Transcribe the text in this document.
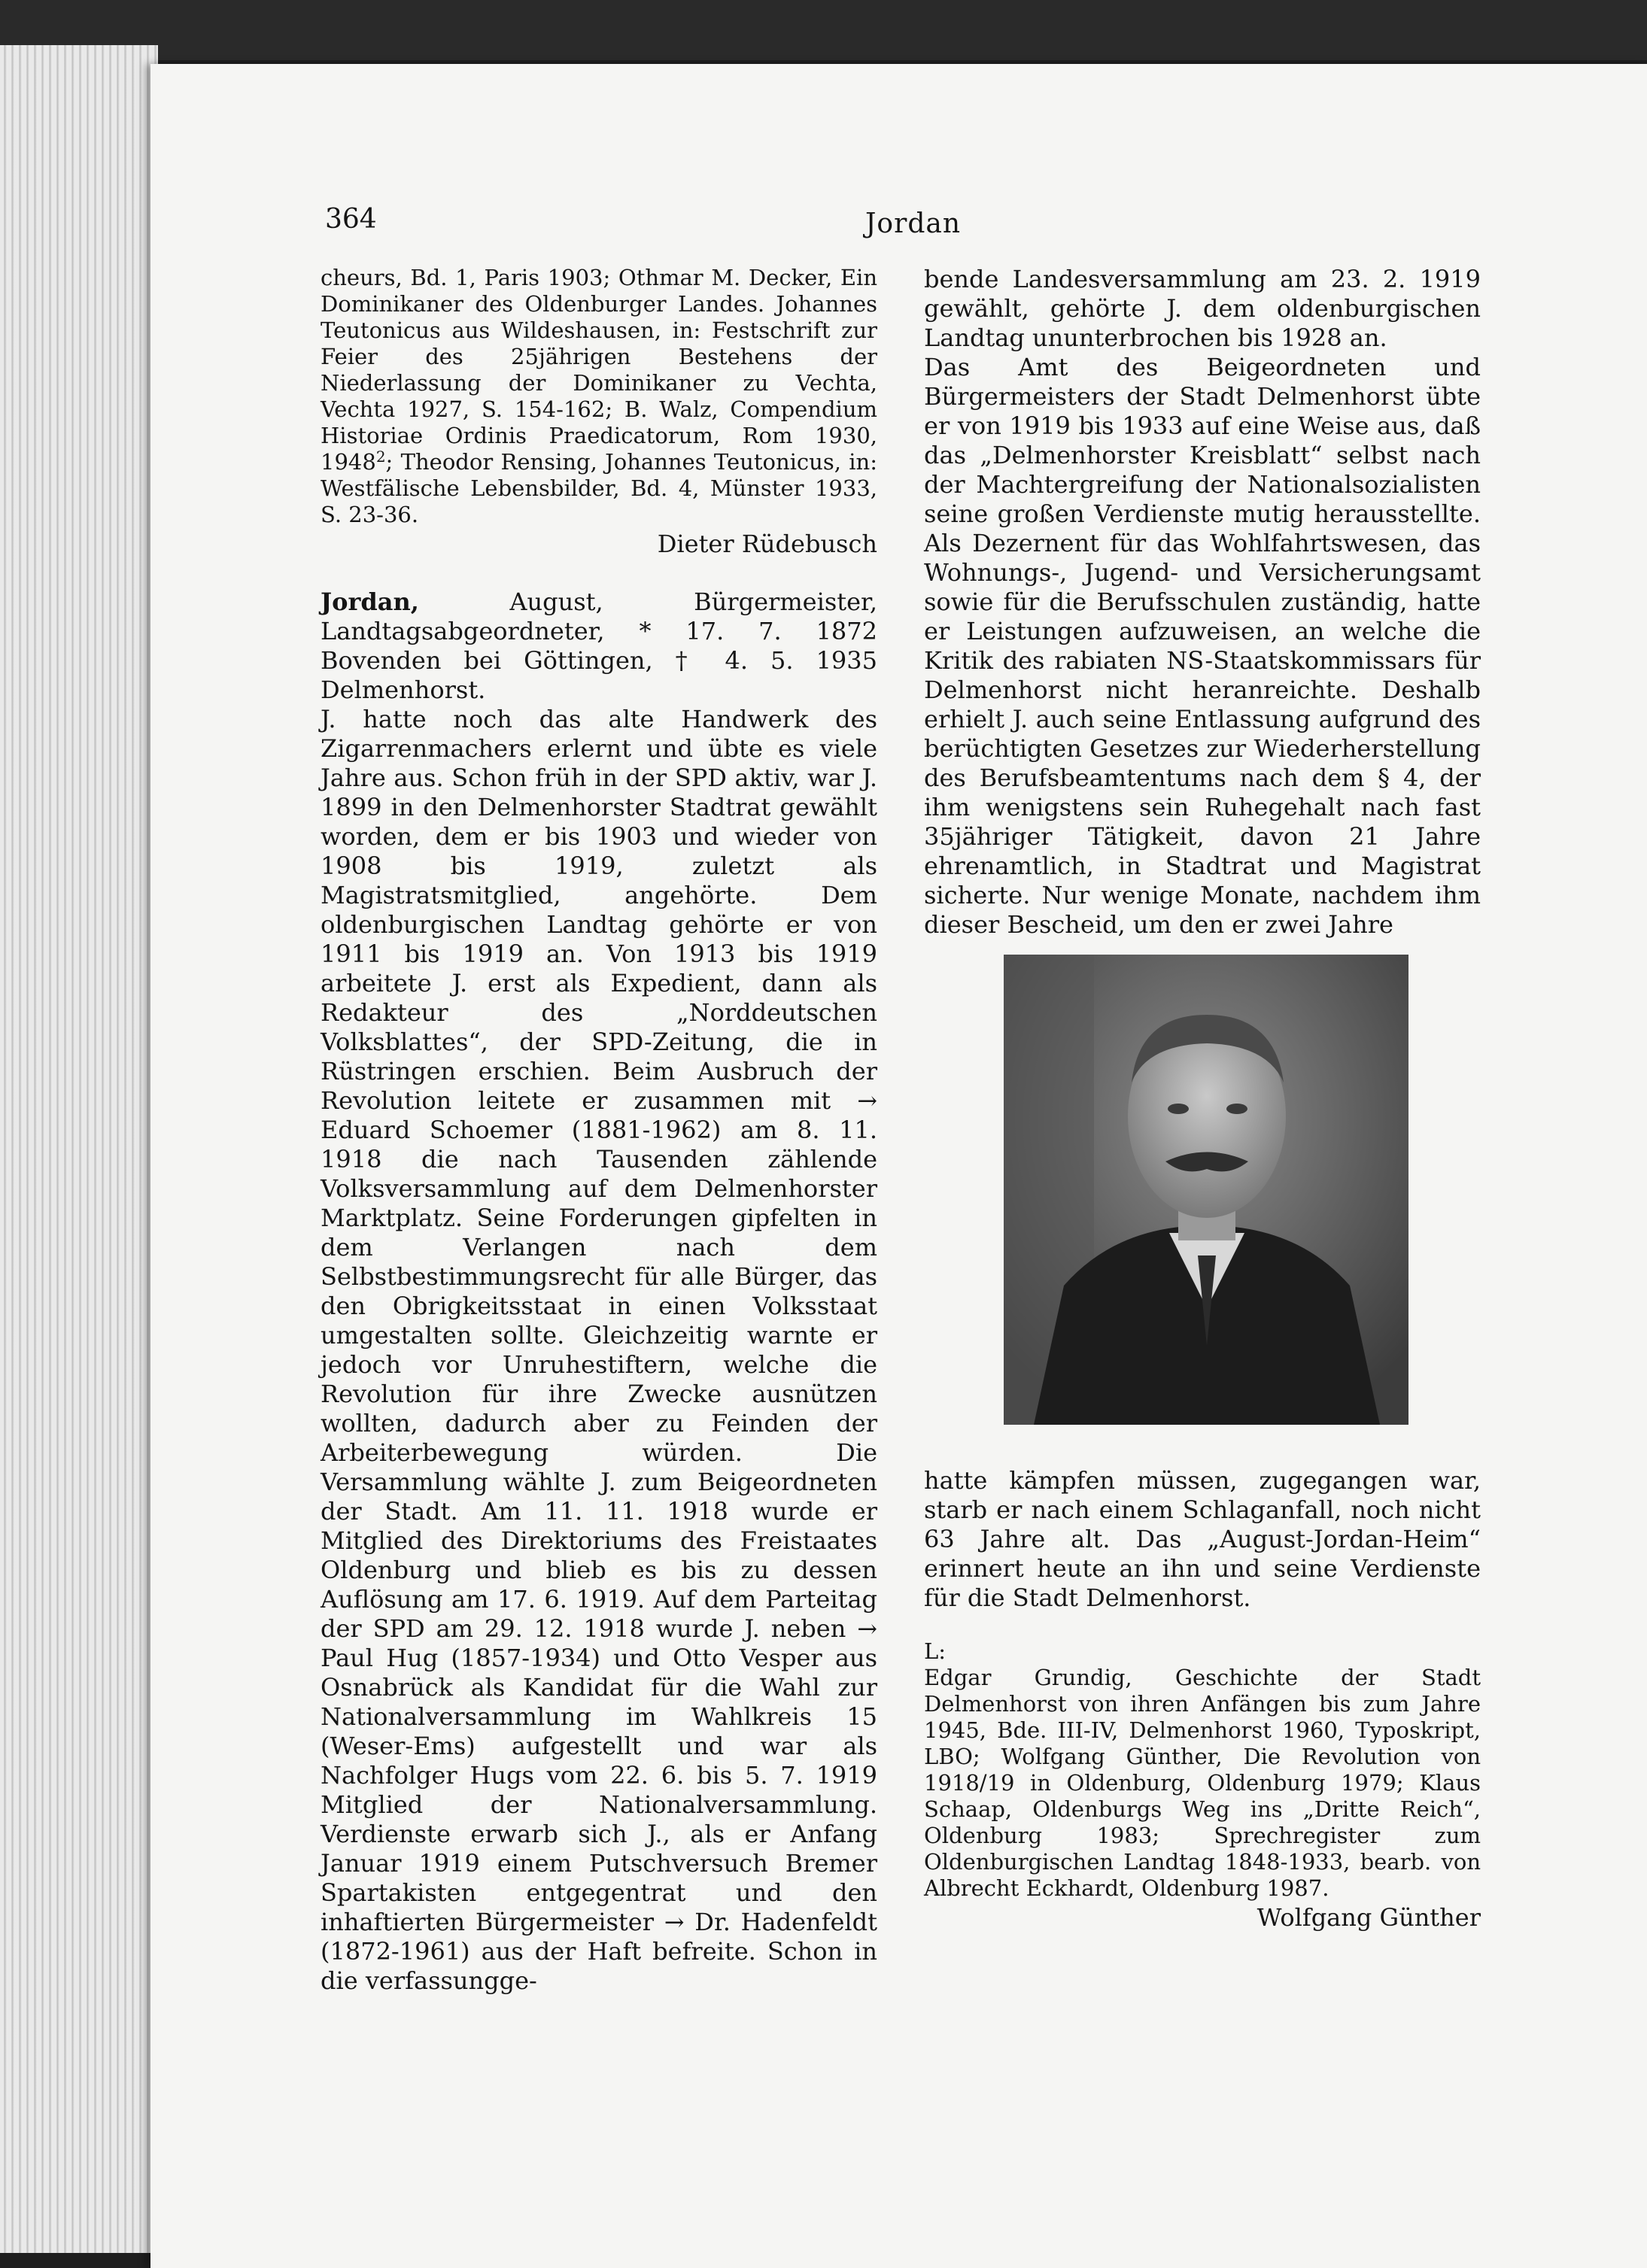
364	Jordan

cheurs, Bd. 1, Paris 1903; Othmar M. Decker, Ein Dominikaner des Oldenburger Landes. Johannes Teutonicus aus Wildeshausen, in: Festschrift zur Feier des 25jährigen Bestehens der Niederlassung der Dominikaner zu Vechta, Vechta 1927, S. 154-162; B. Walz, Compendium Historiae Ordinis Praedicatorum, Rom 1930, 1948$^2$; Theodor Rensing, Johannes Teutonicus, in: Westfälische Lebensbilder, Bd. 4, Münster 1933, S. 23-36.

Dieter Rüdebusch

Jordan, August, Bürgermeister, Landtagsabgeordneter, * 17. 7. 1872 Bovenden bei Göttingen, † 4. 5. 1935 Delmenhorst.

J. hatte noch das alte Handwerk des Zigarrenmachers erlernt und übte es viele Jahre aus. Schon früh in der SPD aktiv, war J. 1899 in den Delmenhorster Stadtrat gewählt worden, dem er bis 1903 und wieder von 1908 bis 1919, zuletzt als Magistratsmitglied, angehörte. Dem oldenburgischen Landtag gehörte er von 1911 bis 1919 an. Von 1913 bis 1919 arbeitete J. erst als Expedient, dann als Redakteur des „Norddeutschen Volksblattes“, der SPD-Zeitung, die in Rüstringen erschien. Beim Ausbruch der Revolution leitete er zusammen mit → Eduard Schoemer (1881-1962) am 8. 11. 1918 die nach Tausenden zählende Volksversammlung auf dem Delmenhorster Marktplatz. Seine Forderungen gipfelten in dem Verlangen nach dem Selbstbestimmungsrecht für alle Bürger, das den Obrigkeitsstaat in einen Volksstaat umgestalten sollte. Gleichzeitig warnte er jedoch vor Unruhestiftern, welche die Revolution für ihre Zwecke ausnützen wollten, dadurch aber zu Feinden der Arbeiterbewegung würden. Die Versammlung wählte J. zum Beigeordneten der Stadt. Am 11. 11. 1918 wurde er Mitglied des Direktoriums des Freistaates Oldenburg und blieb es bis zu dessen Auflösung am 17. 6. 1919. Auf dem Parteitag der SPD am 29. 12. 1918 wurde J. neben → Paul Hug (1857-1934) und Otto Vesper aus Osnabrück als Kandidat für die Wahl zur Nationalversammlung im Wahlkreis 15 (Weser-Ems) aufgestellt und war als Nachfolger Hugs vom 22. 6. bis 5. 7. 1919 Mitglied der Nationalversammlung. Verdienste erwarb sich J., als er Anfang Januar 1919 einem Putschversuch Bremer Spartakisten entgegentrat und den inhaftierten Bürgermeister → Dr. Hadenfeldt (1872-1961) aus der Haft befreite. Schon in die verfassungge-

bende Landesversammlung am 23. 2. 1919 gewählt, gehörte J. dem oldenburgischen Landtag ununterbrochen bis 1928 an.

Das Amt des Beigeordneten und Bürgermeisters der Stadt Delmenhorst übte er von 1919 bis 1933 auf eine Weise aus, daß das „Delmenhorster Kreisblatt“ selbst nach der Machtergreifung der Nationalsozialisten seine großen Verdienste mutig herausstellte. Als Dezernent für das Wohlfahrtswesen, das Wohnungs-, Jugend- und Versicherungsamt sowie für die Berufsschulen zuständig, hatte er Leistungen aufzuweisen, an welche die Kritik des rabiaten NS-Staatskommissars für Delmenhorst nicht heranreichte. Deshalb erhielt J. auch seine Entlassung aufgrund des berüchtigten Gesetzes zur Wiederherstellung des Berufsbeamtentums nach dem § 4, der ihm wenigstens sein Ruhegehalt nach fast 35jähriger Tätigkeit, davon 21 Jahre ehrenamtlich, in Stadtrat und Magistrat sicherte. Nur wenige Monate, nachdem ihm dieser Bescheid, um den er zwei Jahre

hatte kämpfen müssen, zugegangen war, starb er nach einem Schlaganfall, noch nicht 63 Jahre alt. Das „August-Jordan-Heim“ erinnert heute an ihn und seine Verdienste für die Stadt Delmenhorst.

L:

Edgar Grundig, Geschichte der Stadt Delmenhorst von ihren Anfängen bis zum Jahre 1945, Bde. III-IV, Delmenhorst 1960, Typoskript, LBO; Wolfgang Günther, Die Revolution von 1918/19 in Oldenburg, Oldenburg 1979; Klaus Schaap, Oldenburgs Weg ins „Dritte Reich“, Oldenburg 1983; Sprechregister zum Oldenburgischen Landtag 1848-1933, bearb. von Albrecht Eckhardt, Oldenburg 1987.

Wolfgang Günther
